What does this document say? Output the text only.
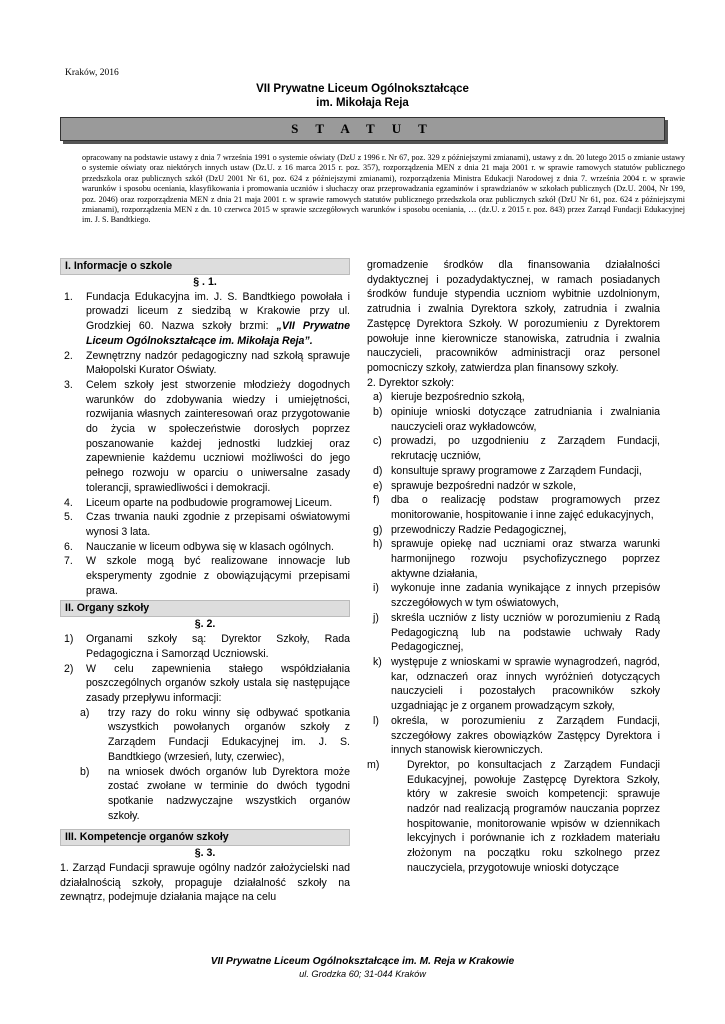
Kraków, 2016
VII Prywatne Liceum Ogólnokształcące
im. Mikołaja Reja
S T A T U T
opracowany na podstawie ustawy z dnia 7 września 1991 o systemie oświaty (DzU z 1996 r. Nr 67, poz. 329 z późniejszymi zmianami), ustawy z dn. 20 lutego 2015 o zmianie ustawy o systemie oświaty oraz niektórych innych ustaw (Dz.U. z 16 marca 2015 r. poz. 357), rozporządzenia MEN z dnia 21 maja 2001 r. w sprawie ramowych statutów publicznego przedszkola oraz publicznych szkół (DzU 2001 Nr 61, poz. 624 z późniejszymi zmianami), rozporządzenia Ministra Edukacji Narodowej z dnia 7. września 2004 r. w sprawie warunków i sposobu oceniania, klasyfikowania i promowania uczniów i słuchaczy oraz przeprowadzania egzaminów i sprawdzianów w szkołach publicznych (Dz.U. 2004, Nr 199, poz. 2046) oraz rozporządzenia MEN z dnia 21 maja 2001 r. w sprawie ramowych statutów publicznego przedszkola oraz publicznych szkół (DzU Nr 61, poz. 624 z późniejszymi zmianami), rozporządzenia MEN z dn. 10 czerwca 2015 w sprawie szczegółowych warunków i sposobu oceniania, … (dz.U. z 2015 r. poz. 843) przez Zarząd Fundacji Edukacyjnej im. J. S. Bandtkiego.
I. Informacje o szkole
§ . 1.
1.	Fundacja Edukacyjna im. J. S. Bandtkiego powołała i prowadzi liceum z siedzibą w Krakowie przy ul. Grodzkiej 60. Nazwa szkoły brzmi: „VII Prywatne Liceum Ogólnokształcące im. Mikołaja Reja”.
2.	Zewnętrzny nadzór pedagogiczny nad szkołą sprawuje Małopolski Kurator Oświaty.
3.	Celem szkoły jest stworzenie młodzieży dogodnych warunków do zdobywania wiedzy i umiejętności, rozwijania własnych zainteresowań oraz przygotowanie do życia w społeczeństwie dorosłych poprzez poszanowanie każdej jednostki ludzkiej oraz zapewnienie każdemu uczniowi możliwości do jego pełnego rozwoju w oparciu o uniwersalne zasady tolerancji, sprawiedliwości i demokracji.
4.	Liceum oparte na podbudowie programowej Liceum.
5.	Czas trwania nauki zgodnie z przepisami oświatowymi wynosi 3 lata.
6.	Nauczanie w liceum odbywa się w klasach ogólnych.
7.	W szkole mogą być realizowane innowacje lub eksperymenty zgodnie z obowiązującymi przepisami prawa.
II. Organy szkoły
§. 2.
1)	Organami szkoły są: Dyrektor Szkoły, Rada Pedagogiczna i Samorząd Uczniowski.
2)	W celu zapewnienia stałego współdziałania poszczególnych organów szkoły ustala się następujące zasady przepływu informacji:
a)	trzy razy do roku winny się odbywać spotkania wszystkich powołanych organów szkoły z Zarządem Fundacji Edukacyjnej im. J. S. Bandtkiego (wrzesień, luty, czerwiec),
b)	na wniosek dwóch organów lub Dyrektora może zostać zwołane w terminie do dwóch tygodni spotkanie nadzwyczajne wszystkich organów szkoły.
III. Kompetencje organów szkoły
§. 3.
1. Zarząd Fundacji sprawuje ogólny nadzór założycielski nad działalnością szkoły, propaguje działalność szkoły na zewnątrz, podejmuje działania mające na celu
gromadzenie środków dla finansowania działalności dydaktycznej i pozadydaktycznej, w ramach posiadanych środków funduje stypendia uczniom wybitnie uzdolnionym, zatrudnia i zwalnia Dyrektora szkoły, zatrudnia i zwalnia Zastępcę Dyrektora Szkoły. W porozumieniu z Dyrektorem powołuje inne kierownicze stanowiska, zatrudnia i zwalnia nauczycieli, pracowników administracji oraz personel pomocniczy szkoły, zatwierdza plan finansowy szkoły.
2. Dyrektor szkoły:
a) kieruje bezpośrednio szkołą,
b) opiniuje wnioski dotyczące zatrudniania i zwalniania nauczycieli oraz wykładowców,
c) prowadzi, po uzgodnieniu z Zarządem Fundacji, rekrutację uczniów,
d) konsultuje sprawy programowe z Zarządem Fundacji,
e) sprawuje bezpośredni nadzór w szkole,
f)	dba o realizację podstaw programowych przez monitorowanie, hospitowanie i inne zajęć edukacyjnych,
g) przewodniczy Radzie Pedagogicznej,
h) sprawuje opiekę nad uczniami oraz stwarza warunki harmonijnego rozwoju psychofizycznego poprzez aktywne działania,
i)	wykonuje inne zadania wynikające z innych przepisów szczegółowych w tym oświatowych,
j)	skreśla uczniów z listy uczniów w porozumieniu z Radą Pedagogiczną lub na podstawie uchwały Rady Pedagogicznej,
k) występuje z wnioskami w sprawie wynagrodzeń, nagród, kar, odznaczeń oraz innych wyróżnień dotyczących nauczycieli i pozostałych pracowników szkoły uzgadniając je z organem prowadzącym szkoły,
l)	określa, w porozumieniu z Zarządem Fundacji, szczegółowy zakres obowiązków Zastępcy Dyrektora i innych stanowisk kierowniczych.
m)	Dyrektor, po konsultacjach z Zarządem Fundacji Edukacyjnej, powołuje Zastępcę Dyrektora Szkoły, który w zakresie swoich kompetencji: sprawuje nadzór nad realizacją programów nauczania poprzez hospitowanie, monitorowanie wpisów w dziennikach lekcyjnych i porównanie ich z rozkładem materiału złożonym na początku roku szkolnego przez nauczyciela, przygotowuje wnioski dotyczące
VII Prywatne Liceum Ogólnokształcące im. M. Reja w Krakowie
ul. Grodzka 60; 31-044 Kraków
